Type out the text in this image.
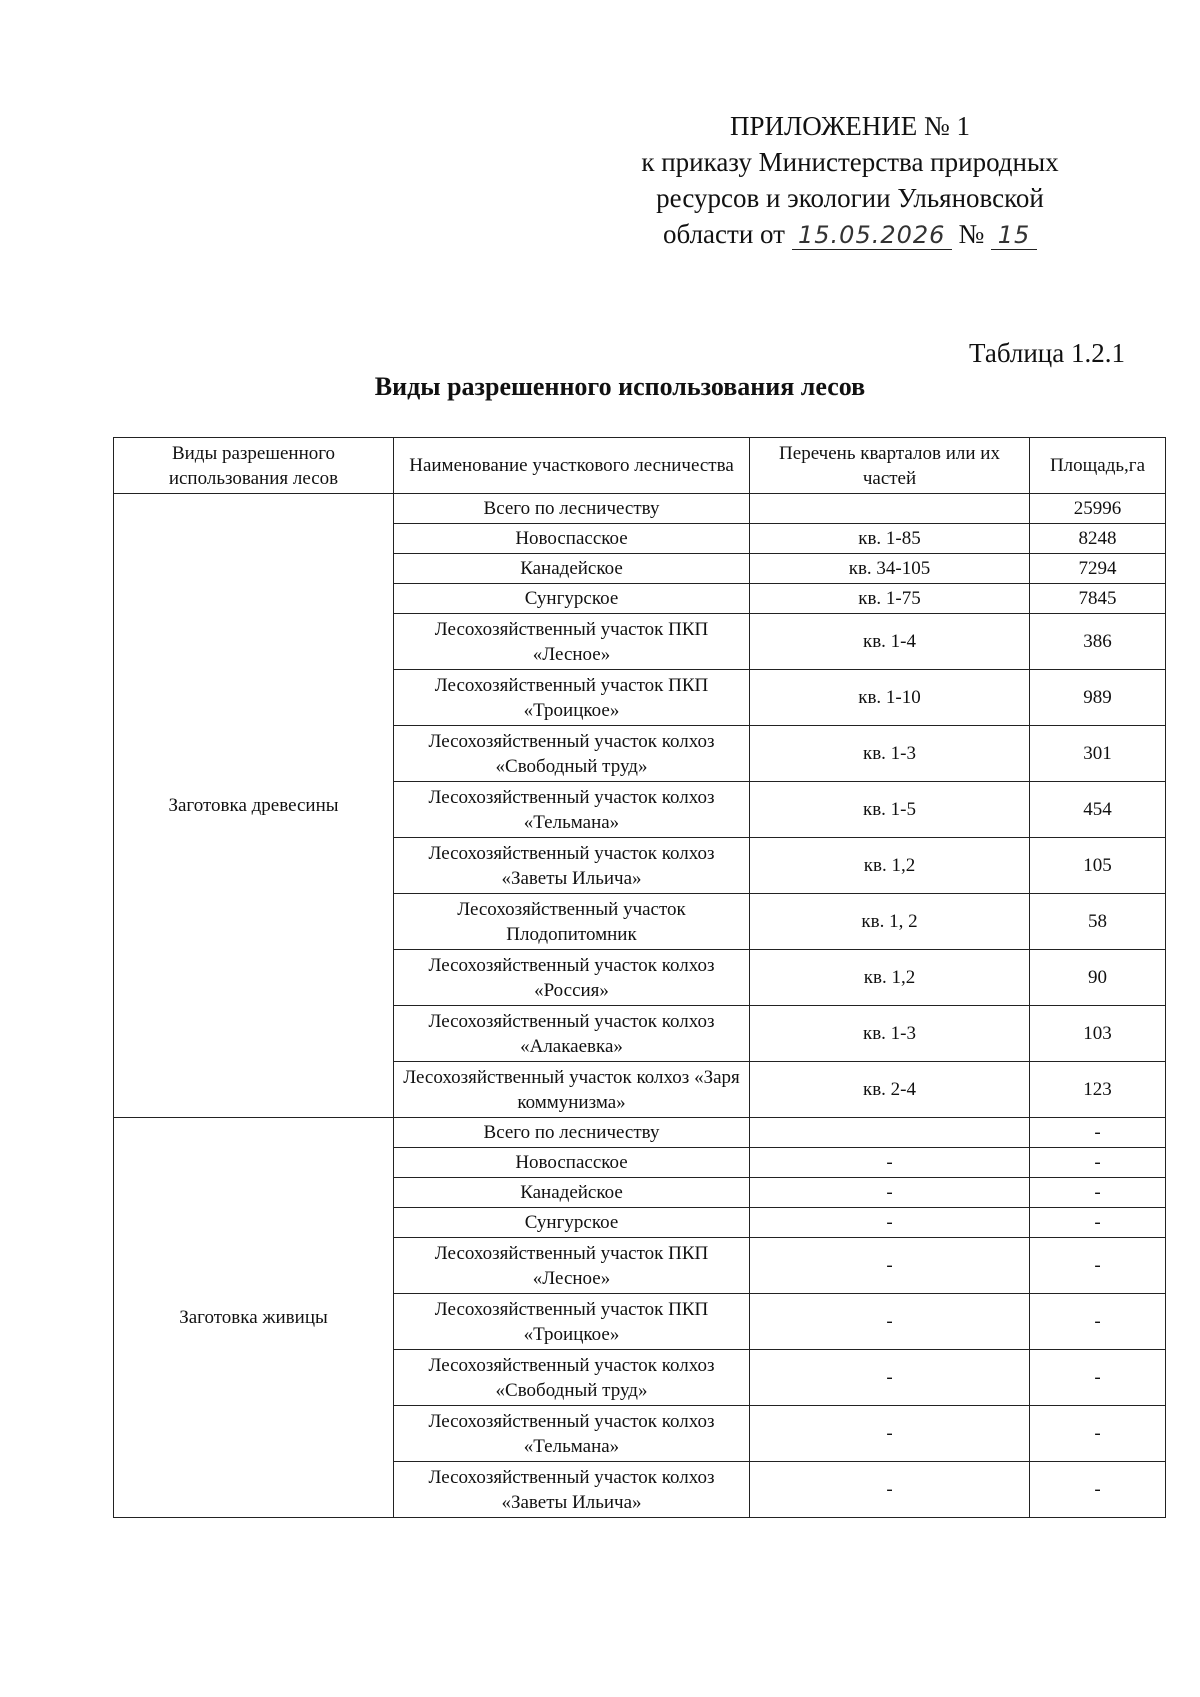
ПРИЛОЖЕНИЕ № 1
к приказу Министерства природных
ресурсов и экологии Ульяновской
области от 15.05.2026 № 15
Таблица 1.2.1
Виды разрешенного использования лесов
Виды разрешенного использования лесов	Наименование участкового лесничества	Перечень кварталов или их частей	Площадь,га
Заготовка древесины	Всего по лесничеству		25996
	Новоспасское	кв. 1-85	8248
	Канадейское	кв. 34-105	7294
	Сунгурское	кв. 1-75	7845
	Лесохозяйственный участок ПКП «Лесное»	кв. 1-4	386
	Лесохозяйственный участок ПКП «Троицкое»	кв. 1-10	989
	Лесохозяйственный участок колхоз «Свободный труд»	кв. 1-3	301
	Лесохозяйственный участок колхоз «Тельмана»	кв. 1-5	454
	Лесохозяйственный участок колхоз «Заветы Ильича»	кв. 1,2	105
	Лесохозяйственный участок Плодопитомник	кв. 1, 2	58
	Лесохозяйственный участок колхоз «Россия»	кв. 1,2	90
	Лесохозяйственный участок колхоз «Алакаевка»	кв. 1-3	103
	Лесохозяйственный участок колхоз «Заря коммунизма»	кв. 2-4	123
Заготовка живицы	Всего по лесничеству		-
	Новоспасское	-	-
	Канадейское	-	-
	Сунгурское	-	-
	Лесохозяйственный участок ПКП «Лесное»	-	-
	Лесохозяйственный участок ПКП «Троицкое»	-	-
	Лесохозяйственный участок колхоз «Свободный труд»	-	-
	Лесохозяйственный участок колхоз «Тельмана»	-	-
	Лесохозяйственный участок колхоз «Заветы Ильича»	-	-
